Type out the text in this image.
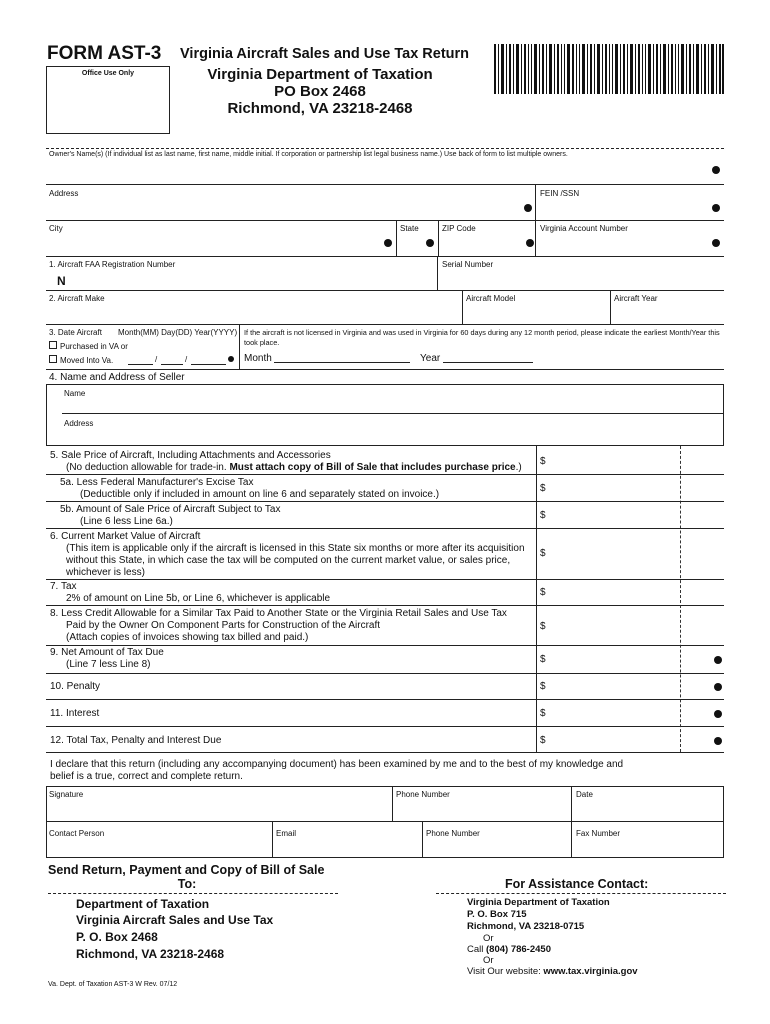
FORM AST-3
Office Use Only
Virginia Aircraft Sales and Use Tax Return
Virginia Department of Taxation
PO Box 2468
Richmond, VA 23218-2468
Owner's Name(s) (If individual list as last name, first name, middle initial. If corporation or partnership list legal business name.) Use back of form to list multiple owners.
Address	FEIN /SSN
City	State	ZIP Code	Virginia Account Number
1. Aircraft FAA Registration Number
N
Serial Number
2. Aircraft Make	Aircraft Model	Aircraft Year
3. Date Aircraft Month(MM) Day(DD) Year(YYYY)
Purchased in VA or
Moved Into Va.	/	/
If the aircraft is not licensed in Virginia and was used in Virginia for 60 days during any 12 month period, please indicate the earliest Month/Year this took place.
Month	Year
4. Name and Address of Seller
Name
Address
5. Sale Price of Aircraft, Including Attachments and Accessories
(No deduction allowable for trade-in. Must attach copy of Bill of Sale that includes purchase price.)
$
5a. Less Federal Manufacturer's Excise Tax
(Deductible only if included in amount on line 6 and separately stated on invoice.)
$
5b. Amount of Sale Price of Aircraft Subject to Tax
(Line 6 less Line 6a.)
$
6. Current Market Value of Aircraft
(This item is applicable only if the aircraft is licensed in this State six months or more after its acquisition
without this State, in which case the tax will be computed on the current market value, or sales price,
whichever is less)
$
7. Tax
2% of amount on Line 5b, or Line 6, whichever is applicable
$
8. Less Credit Allowable for a Similar Tax Paid to Another State or the Virginia Retail Sales and Use Tax
Paid by the Owner On Component Parts for Construction of the Aircraft
(Attach copies of invoices showing tax billed and paid.)
$
9. Net Amount of Tax Due
(Line 7 less Line 8)	$
10. Penalty	$
11. Interest	$
12. Total Tax, Penalty and Interest Due	$
I declare that this return (including any accompanying document) has been examined by me and to the best of my knowledge and
belief is a true, correct and complete return.
Signature	Phone Number	Date
Contact Person	Email	Phone Number	Fax Number
Send Return, Payment and Copy of Bill of Sale
To:
Department of Taxation
Virginia Aircraft Sales and Use Tax
P. O. Box 2468
Richmond, VA 23218-2468
For Assistance Contact:
Virginia Department of Taxation
P. O. Box 715
Richmond, VA 23218-0715
Or
Call (804) 786-2450
Or
Visit Our website: www.tax.virginia.gov
Va. Dept. of Taxation AST-3 W Rev. 07/12
